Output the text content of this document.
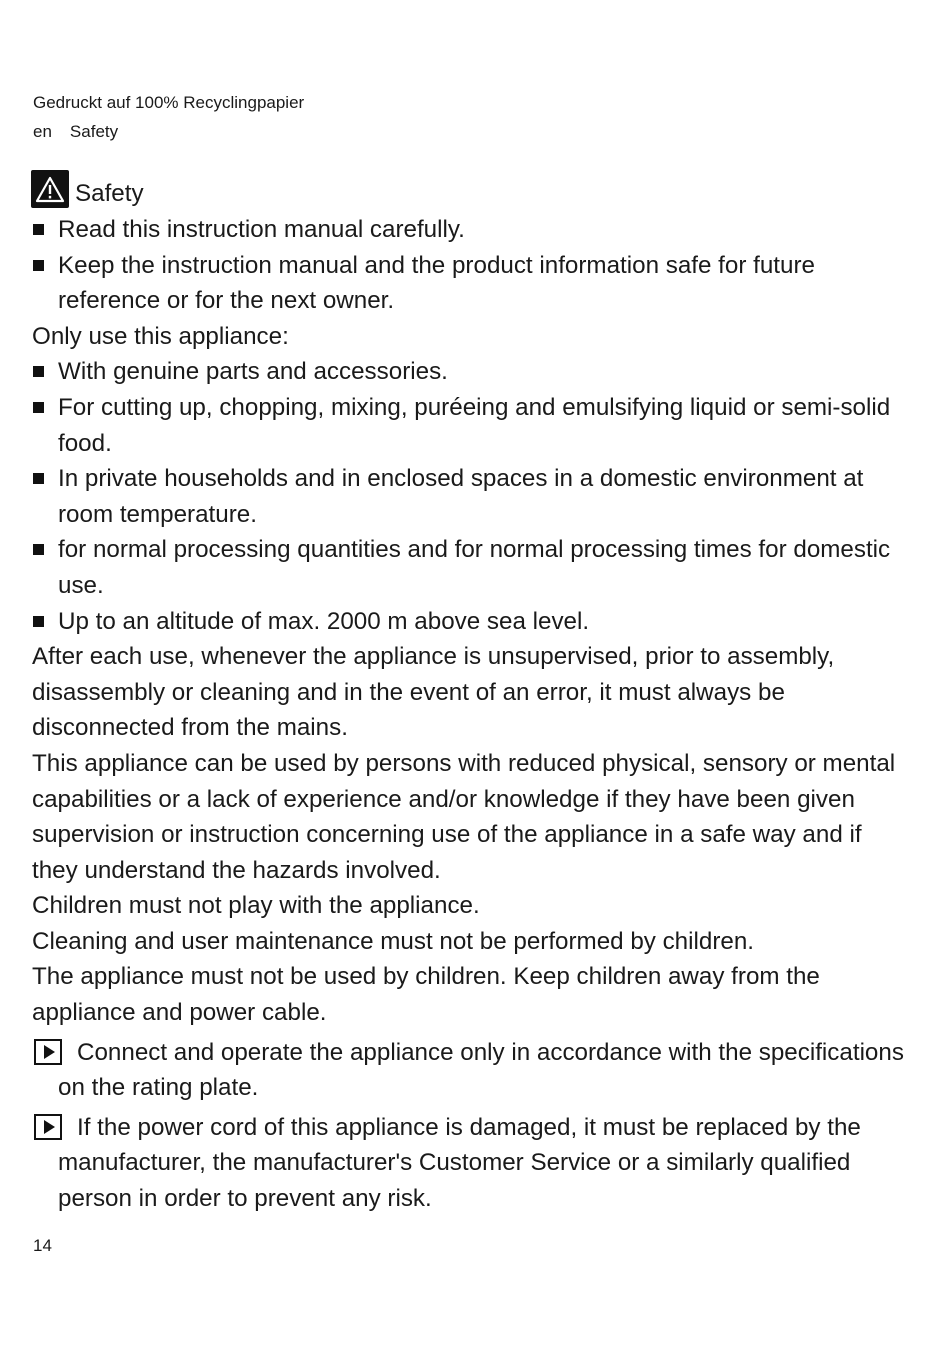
Gedruckt auf 100% Recyclingpapier
en Safety
Safety
Read this instruction manual carefully.
Keep the instruction manual and the product information safe for future reference or for the next owner.

Only use this appliance:

With genuine parts and accessories.
For cutting up, chopping, mixing, puréeing and emulsifying liquid or semi-solid food.
In private households and in enclosed spaces in a domestic environment at room temperature.
for normal processing quantities and for normal processing times for domestic use.
Up to an altitude of max. 2000 m above sea level.

After each use, whenever the appliance is unsupervised, prior to assembly, disassembly or cleaning and in the event of an error, it must always be disconnected from the mains.

This appliance can be used by persons with reduced physical, sensory or mental capabilities or a lack of experience and/or knowledge if they have been given supervision or instruction concerning use of the appliance in a safe way and if they understand the hazards involved.

Children must not play with the appliance.

Cleaning and user maintenance must not be performed by children.

The appliance must not be used by children. Keep children away from the appliance and power cable.

Connect and operate the appliance only in accordance with the specifications on the rating plate.
If the power cord of this appliance is damaged, it must be replaced by the manufacturer, the manufacturer's Customer Service or a similarly qualified person in order to prevent any risk.
14
